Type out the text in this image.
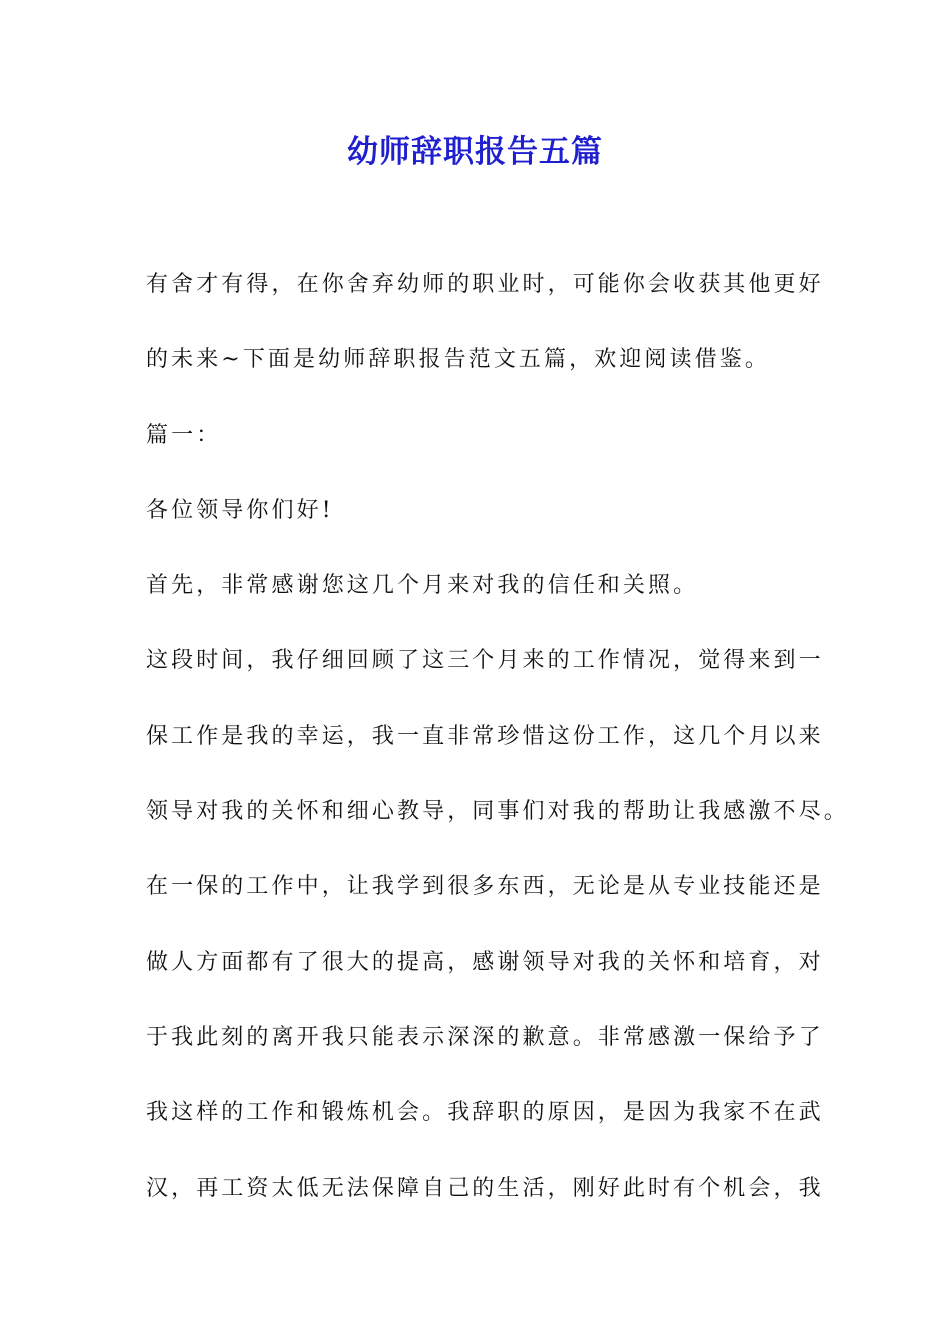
幼师辞职报告五篇

有舍才有得，在你舍弃幼师的职业时，可能你会收获其他更好

的未来~下面是幼师辞职报告范文五篇，欢迎阅读借鉴。

篇一：

各位领导你们好!

首先，非常感谢您这几个月来对我的信任和关照。

这段时间，我仔细回顾了这三个月来的工作情况，觉得来到一

保工作是我的幸运，我一直非常珍惜这份工作，这几个月以来

领导对我的关怀和细心教导，同事们对我的帮助让我感激不尽。

在一保的工作中，让我学到很多东西，无论是从专业技能还是

做人方面都有了很大的提高，感谢领导对我的关怀和培育，对

于我此刻的离开我只能表示深深的歉意。非常感激一保给予了

我这样的工作和锻炼机会。我辞职的原因，是因为我家不在武

汉，再工资太低无法保障自己的生活，刚好此时有个机会，我
